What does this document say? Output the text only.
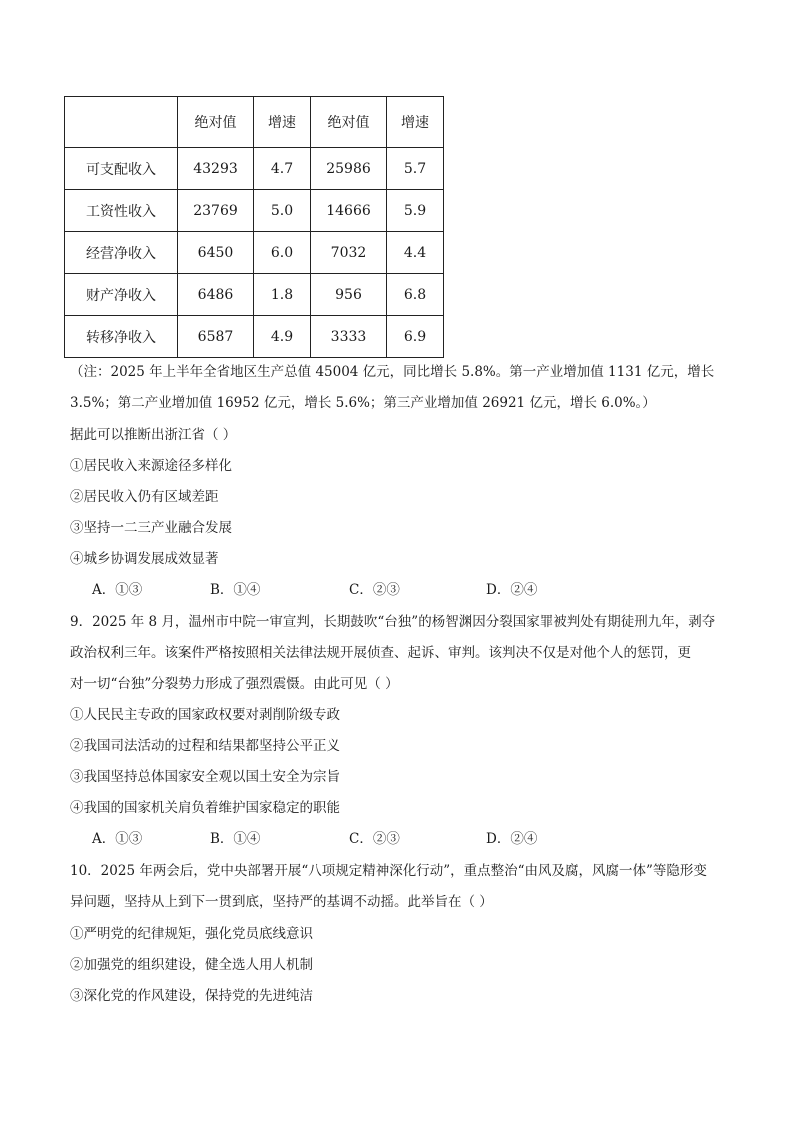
	绝对值	增速	绝对值	增速
可支配收入	43293	4.7	25986	5.7
工资性收入	23769	5.0	14666	5.9
经营净收入	6450	6.0	7032	4.4
财产净收入	6486	1.8	956	6.8
转移净收入	6587	4.9	3333	6.9
（注：2025 年上半年全省地区生产总值 45004 亿元，同比增长 5.8%。第一产业增加值 1131 亿元，增长
3.5%；第二产业增加值 16952 亿元，增长 5.6%；第三产业增加值 26921 亿元，增长 6.0%。）
据此可以推断出浙江省（ ）
①居民收入来源途径多样化
②居民收入仍有区域差距
③坚持一二三产业融合发展
④城乡协调发展成效显著
A．①③	B．①④	C．②③	D．②④
9．2025 年 8 月，温州市中院一审宣判，长期鼓吹“台独”的杨智渊因分裂国家罪被判处有期徒刑九年，剥夺
政治权利三年。该案件严格按照相关法律法规开展侦查、起诉、审判。该判决不仅是对他个人的惩罚，更
对一切“台独”分裂势力形成了强烈震慑。由此可见（ ）
①人民民主专政的国家政权要对剥削阶级专政
②我国司法活动的过程和结果都坚持公平正义
③我国坚持总体国家安全观以国土安全为宗旨
④我国的国家机关肩负着维护国家稳定的职能
A．①③	B．①④	C．②③	D．②④
10．2025 年两会后，党中央部署开展“八项规定精神深化行动”，重点整治“由风及腐，风腐一体”等隐形变
异问题，坚持从上到下一贯到底，坚持严的基调不动摇。此举旨在（ ）
①严明党的纪律规矩，强化党员底线意识
②加强党的组织建设，健全选人用人机制
③深化党的作风建设，保持党的先进纯洁
